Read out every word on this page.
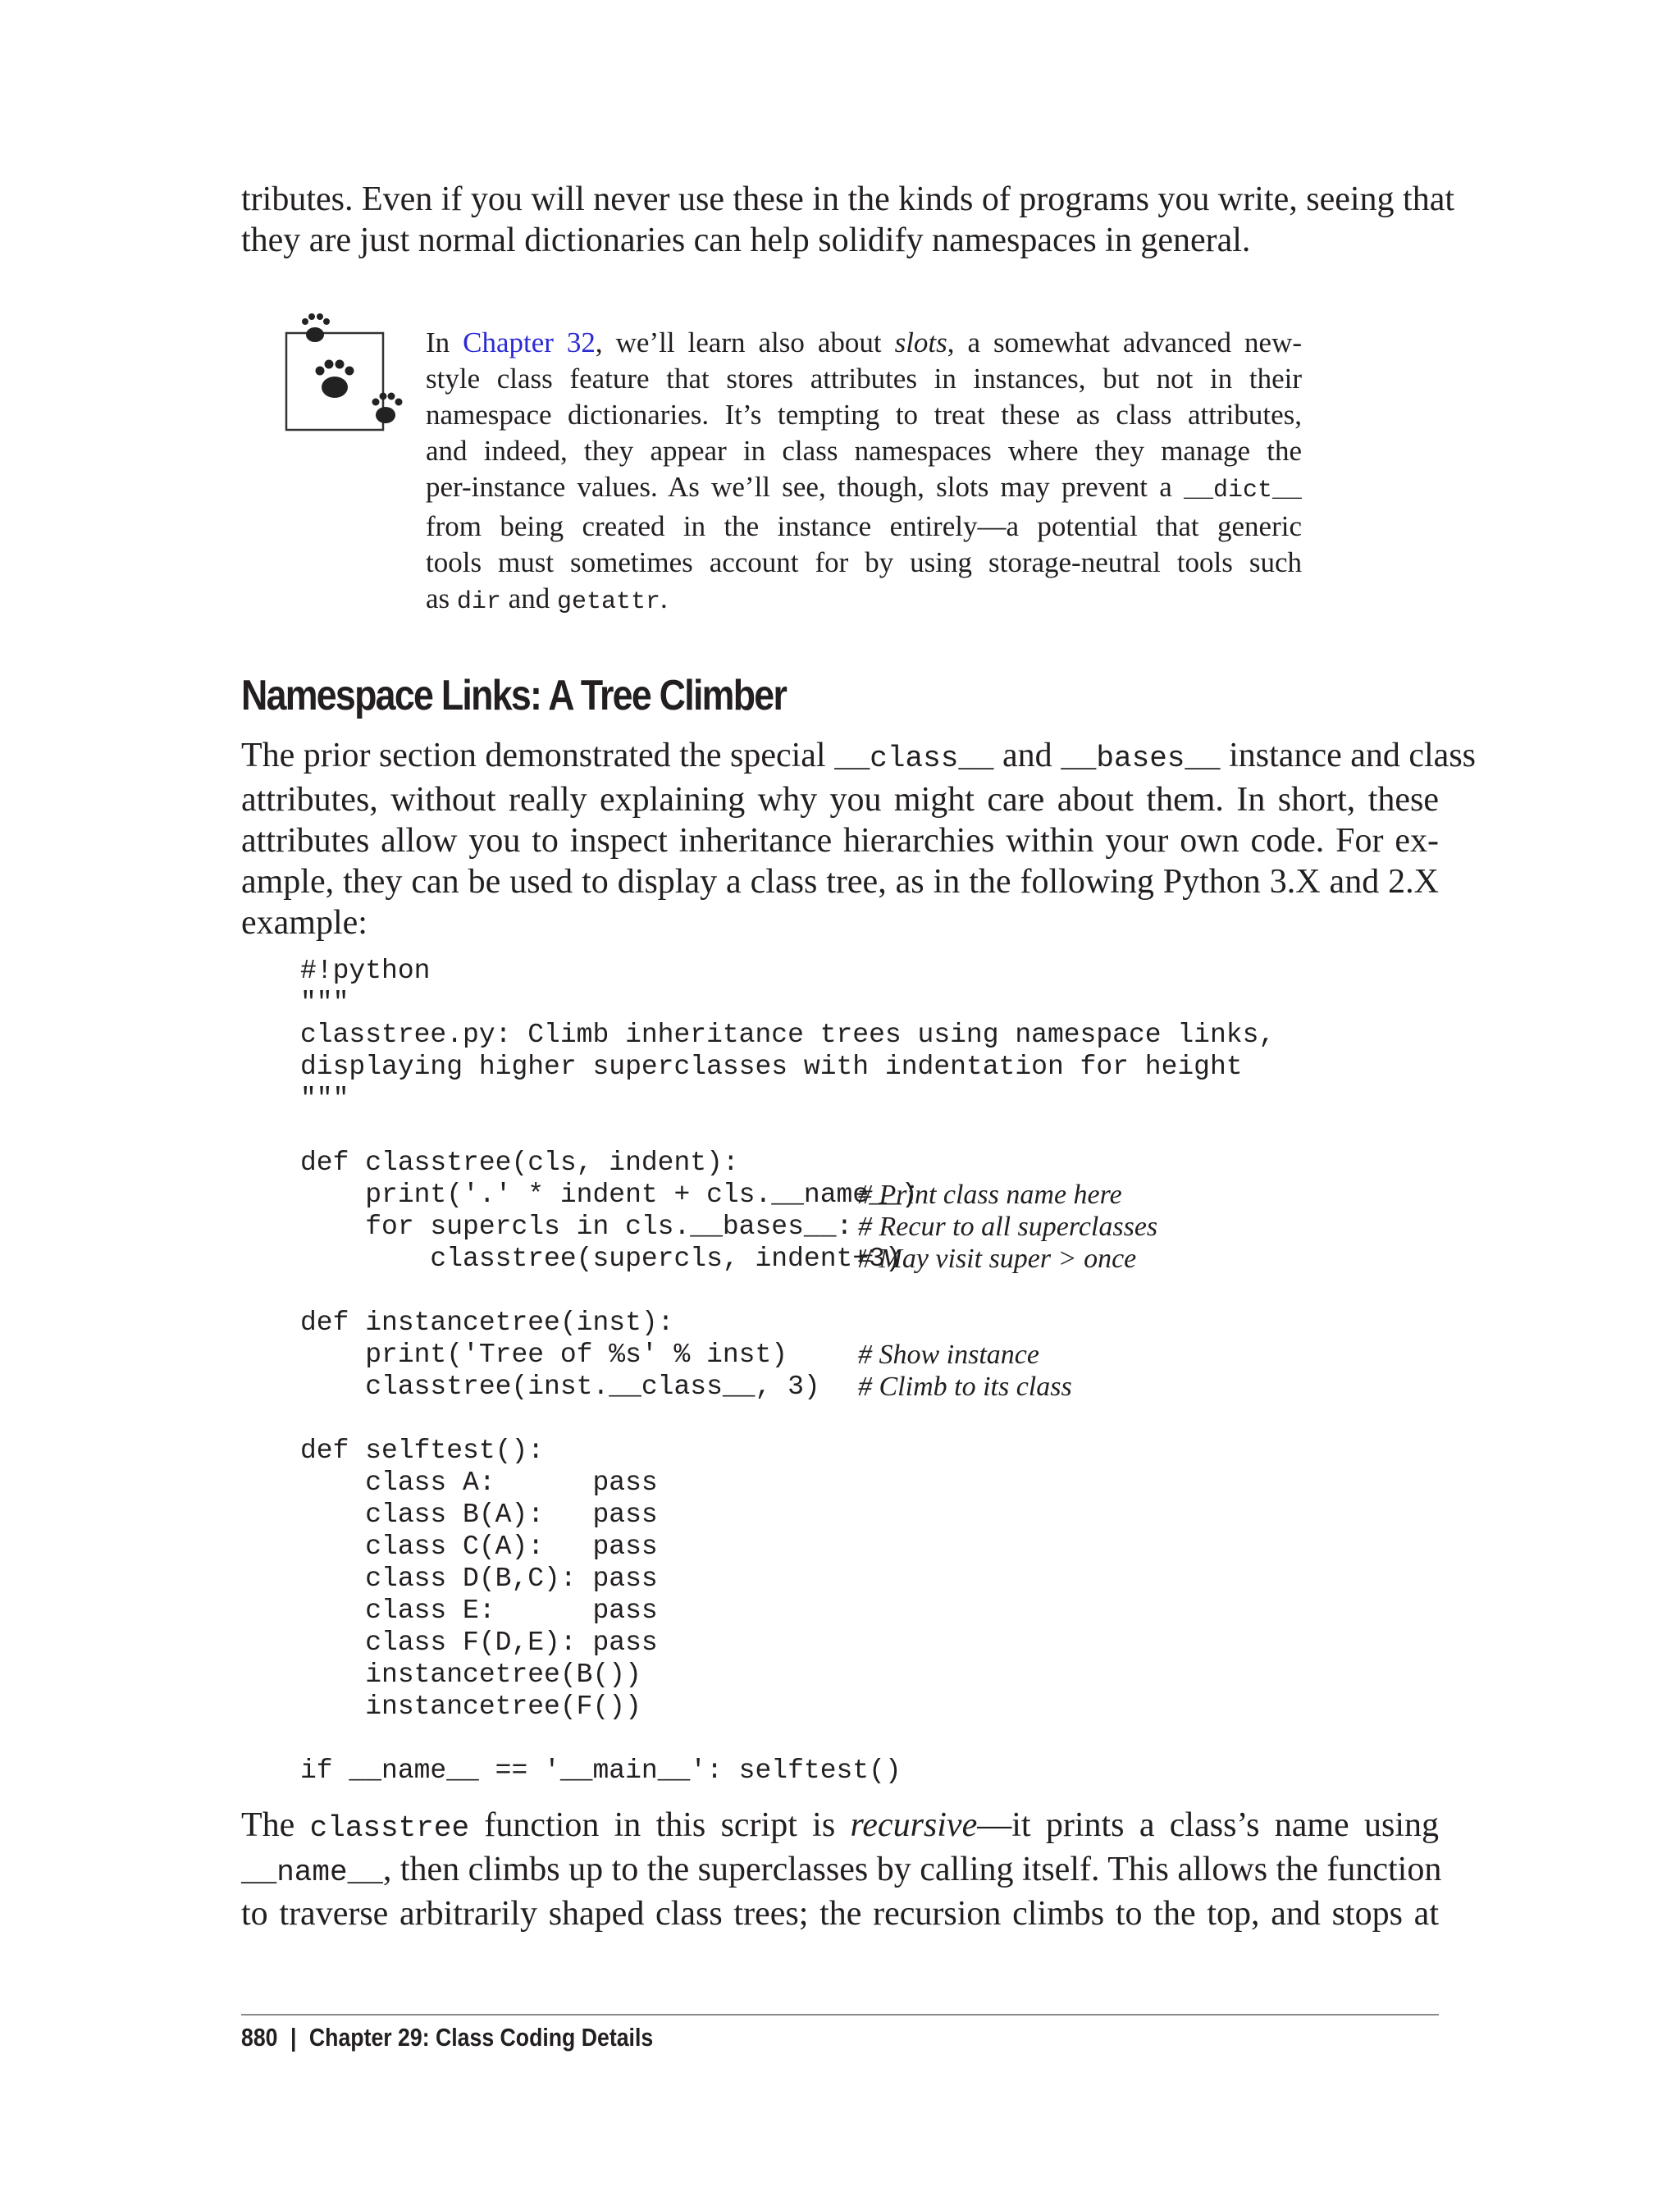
tributes. Even if you will never use these in the kinds of programs you write, seeing that
they are just normal dictionaries can help solidify namespaces in general.
In Chapter 32, we’ll learn also about slots, a somewhat advanced new-
style class feature that stores attributes in instances, but not in their
namespace dictionaries. It’s tempting to treat these as class attributes,
and indeed, they appear in class namespaces where they manage the
per-instance values. As we’ll see, though, slots may prevent a __dict__
from being created in the instance entirely—a potential that generic
tools must sometimes account for by using storage-neutral tools such
as dir and getattr.
Namespace Links: A Tree Climber
The prior section demonstrated the special __class__ and __bases__ instance and class
attributes, without really explaining why you might care about them. In short, these
attributes allow you to inspect inheritance hierarchies within your own code. For ex-
ample, they can be used to display a class tree, as in the following Python 3.X and 2.X
example:
#!python
"""
classtree.py: Climb inheritance trees using namespace links,
displaying higher superclasses with indentation for height
"""
def classtree(cls, indent):
print('.' * indent + cls.__name__)
# Print class name here
for supercls in cls.__bases__: # Recur to all superclasses
classtree(supercls, indent+3)
# May visit super > once
def instancetree(inst):
print('Tree of %s' % inst)	# Show instance
classtree(inst.__class__, 3) # Climb to its class
def selftest():
class A:      pass
class B(A):   pass
class C(A):   pass
class D(B,C): pass
class E:      pass
class F(D,E): pass
instancetree(B())
instancetree(F())
if __name__ == '__main__': selftest()
The classtree function in this script is recursive—it prints a class’s name using
__name__, then climbs up to the superclasses by calling itself. This allows the function
to traverse arbitrarily shaped class trees; the recursion climbs to the top, and stops at
880 | Chapter 29: Class Coding Details
